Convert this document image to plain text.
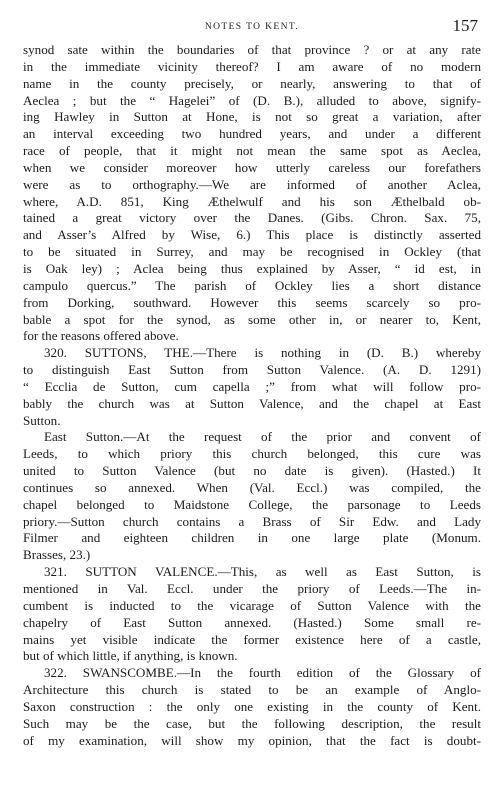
NOTES TO KENT.	157
synod sate within the boundaries of that province ? or at any rate
in the immediate vicinity thereof? I am aware of no modern
name in the county precisely, or nearly, answering to that of
Aeclea ; but the “ Hagelei” of (D. B.), alluded to above, signify-
ing Hawley in Sutton at Hone, is not so great a variation, after
an interval exceeding two hundred years, and under a different
race of people, that it might not mean the same spot as Aeclea,
when we consider moreover how utterly careless our forefathers
were as to orthography.—We are informed of another Aclea,
where, A.D. 851, King Æthelwulf and his son Æthelbald ob-
tained a great victory over the Danes. (Gibs. Chron. Sax. 75,
and Asser’s Alfred by Wise, 6.) This place is distinctly asserted
to be situated in Surrey, and may be recognised in Ockley (that
is Oak ley) ; Aclea being thus explained by Asser, “ id est, in
campulo quercus.” The parish of Ockley lies a short distance
from Dorking, southward. However this seems scarcely so pro-
bable a spot for the synod, as some other in, or nearer to, Kent,
for the reasons offered above.
320. SUTTONS, THE.—There is nothing in (D. B.) whereby
to distinguish East Sutton from Sutton Valence. (A. D. 1291)
“ Ecclia de Sutton, cum capella ;” from what will follow pro-
bably the church was at Sutton Valence, and the chapel at East
Sutton.
East Sutton.—At the request of the prior and convent of
Leeds, to which priory this church belonged, this cure was
united to Sutton Valence (but no date is given). (Hasted.) It
continues so annexed. When (Val. Eccl.) was compiled, the
chapel belonged to Maidstone College, the parsonage to Leeds
priory.—Sutton church contains a Brass of Sir Edw. and Lady
Filmer and eighteen children in one large plate (Monum.
Brasses, 23.)
321. SUTTON VALENCE.—This, as well as East Sutton, is
mentioned in Val. Eccl. under the priory of Leeds.—The in-
cumbent is inducted to the vicarage of Sutton Valence with the
chapelry of East Sutton annexed. (Hasted.) Some small re-
mains yet visible indicate the former existence here of a castle,
but of which little, if anything, is known.
322. SWANSCOMBE.—In the fourth edition of the Glossary of
Architecture this church is stated to be an example of Anglo-
Saxon construction : the only one existing in the county of Kent.
Such may be the case, but the following description, the result
of my examination, will show my opinion, that the fact is doubt-
